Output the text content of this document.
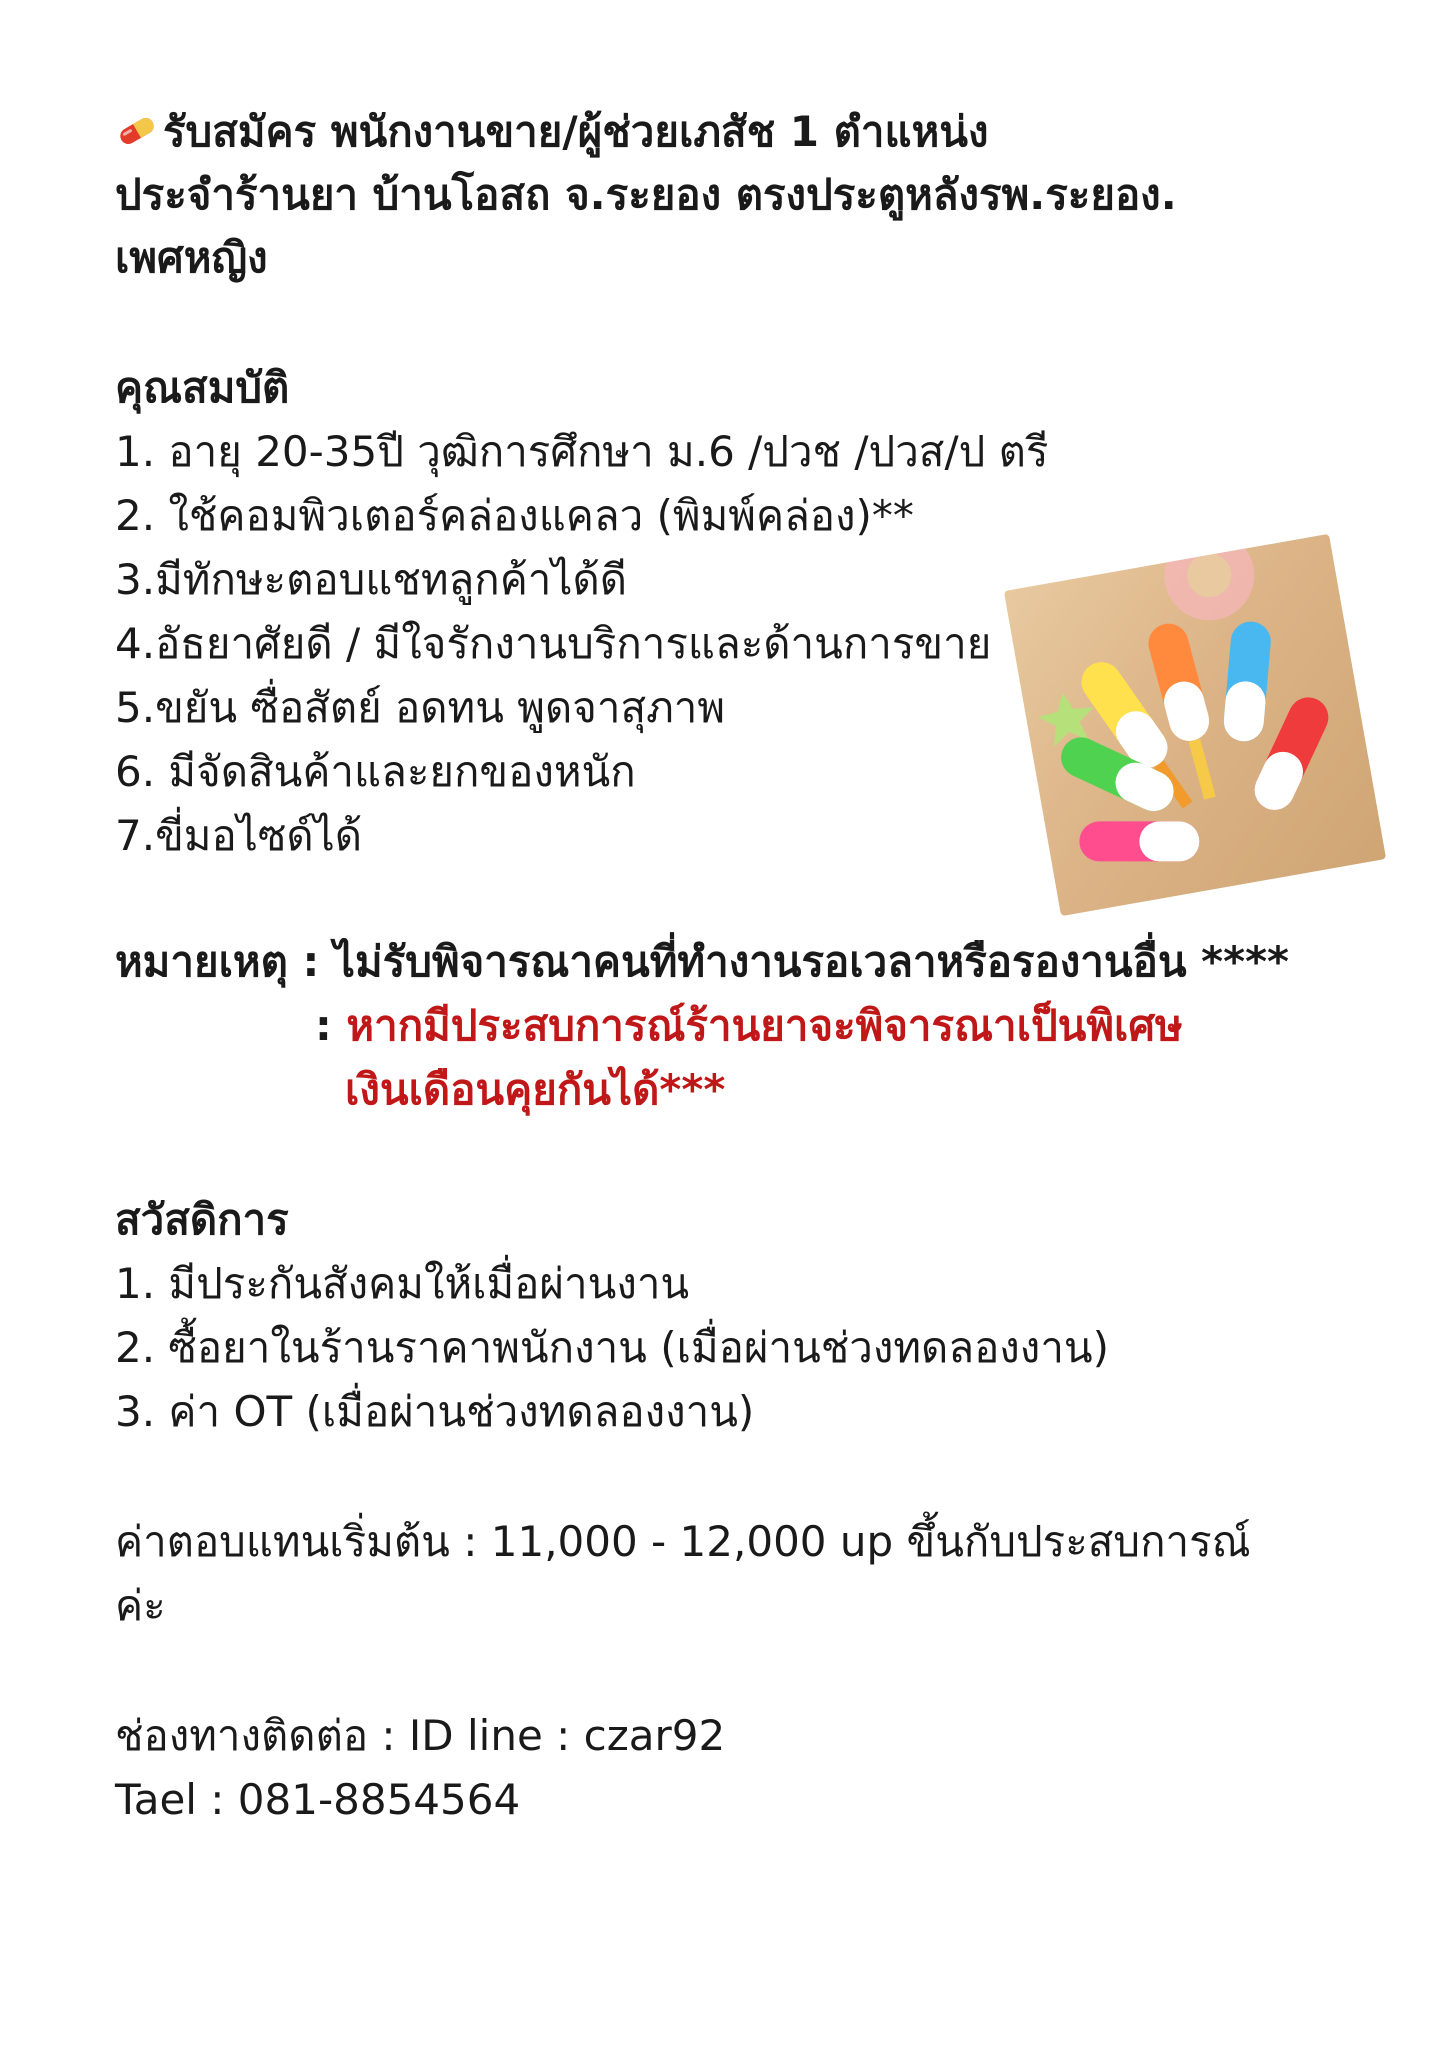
รับสมัคร พนักงานขาย/ผู้ช่วยเภสัช 1 ตำแหน่ง
ประจำร้านยา บ้านโอสถ จ.ระยอง ตรงประตูหลังรพ.ระยอง.
เพศหญิง
คุณสมบัติ
1. อายุ 20-35ปี วุฒิการศึกษา ม.6 /ปวช /ปวส/ป ตรี
2. ใช้คอมพิวเตอร์คล่องแคลว (พิมพ์คล่อง)**
3.มีทักษะตอบแชทลูกค้าได้ดี
4.อัธยาศัยดี / มีใจรักงานบริการและด้านการขาย
5.ขยัน ซื่อสัตย์ อดทน พูดจาสุภาพ
6. มีจัดสินค้าและยกของหนัก
7.ขี่มอไซด์ได้
หมายเหตุ : ไม่รับพิจารณาคนที่ทำงานรอเวลาหรือรองานอื่น ****
: หากมีประสบการณ์ร้านยาจะพิจารณาเป็นพิเศษ
เงินเดือนคุยกันได้***
สวัสดิการ
1. มีประกันสังคมให้เมื่อผ่านงาน
2. ซื้อยาในร้านราคาพนักงาน (เมื่อผ่านช่วงทดลองงาน)
3. ค่า OT (เมื่อผ่านช่วงทดลองงาน)
ค่าตอบแทนเริ่มต้น : 11,000 - 12,000 up ขึ้นกับประสบการณ์
ค่ะ
ช่องทางติดต่อ : ID line : czar92
Tael : 081-8854564
